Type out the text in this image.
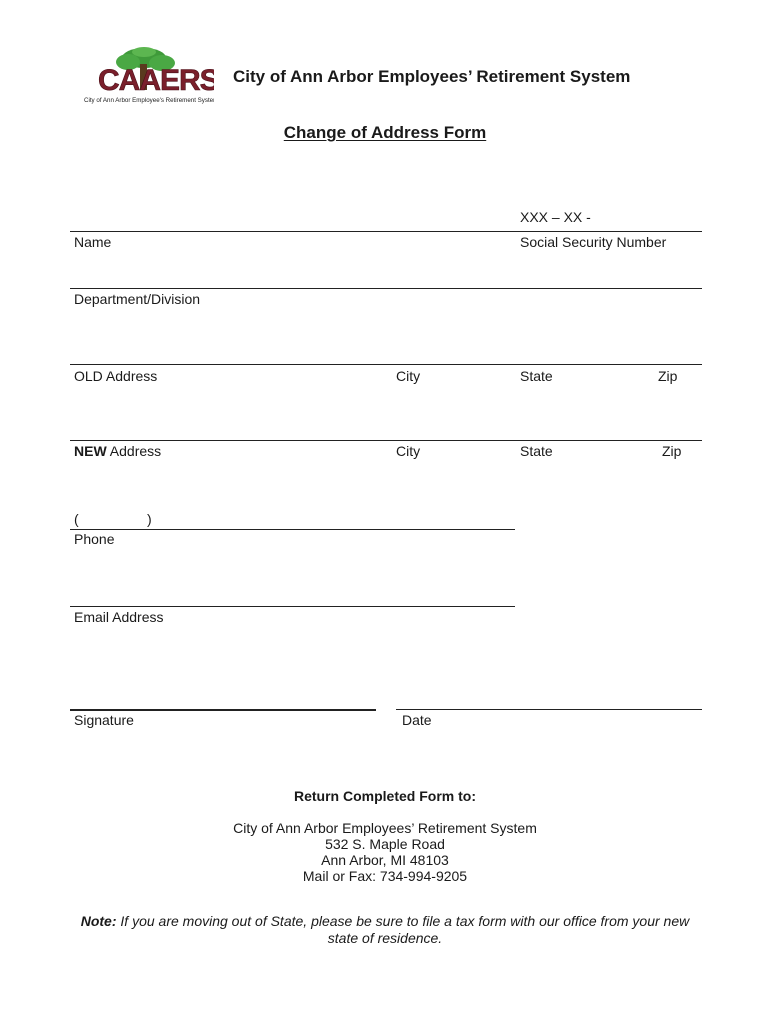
CAAERS
City of Ann Arbor Employee's Retirement System
City of Ann Arbor Employees’ Retirement System
Change of Address Form
XXX – XX -
Name	Social Security Number
Department/Division
OLD Address	City	State	Zip
NEW Address	City	State	Zip
(	)
Phone
Email Address
Signature	Date
Return Completed Form to:
City of Ann Arbor Employees’ Retirement System
532 S. Maple Road
Ann Arbor, MI 48103
Mail or Fax: 734-994-9205
Note: If you are moving out of State, please be sure to file a tax form with our office from your new state of residence.
